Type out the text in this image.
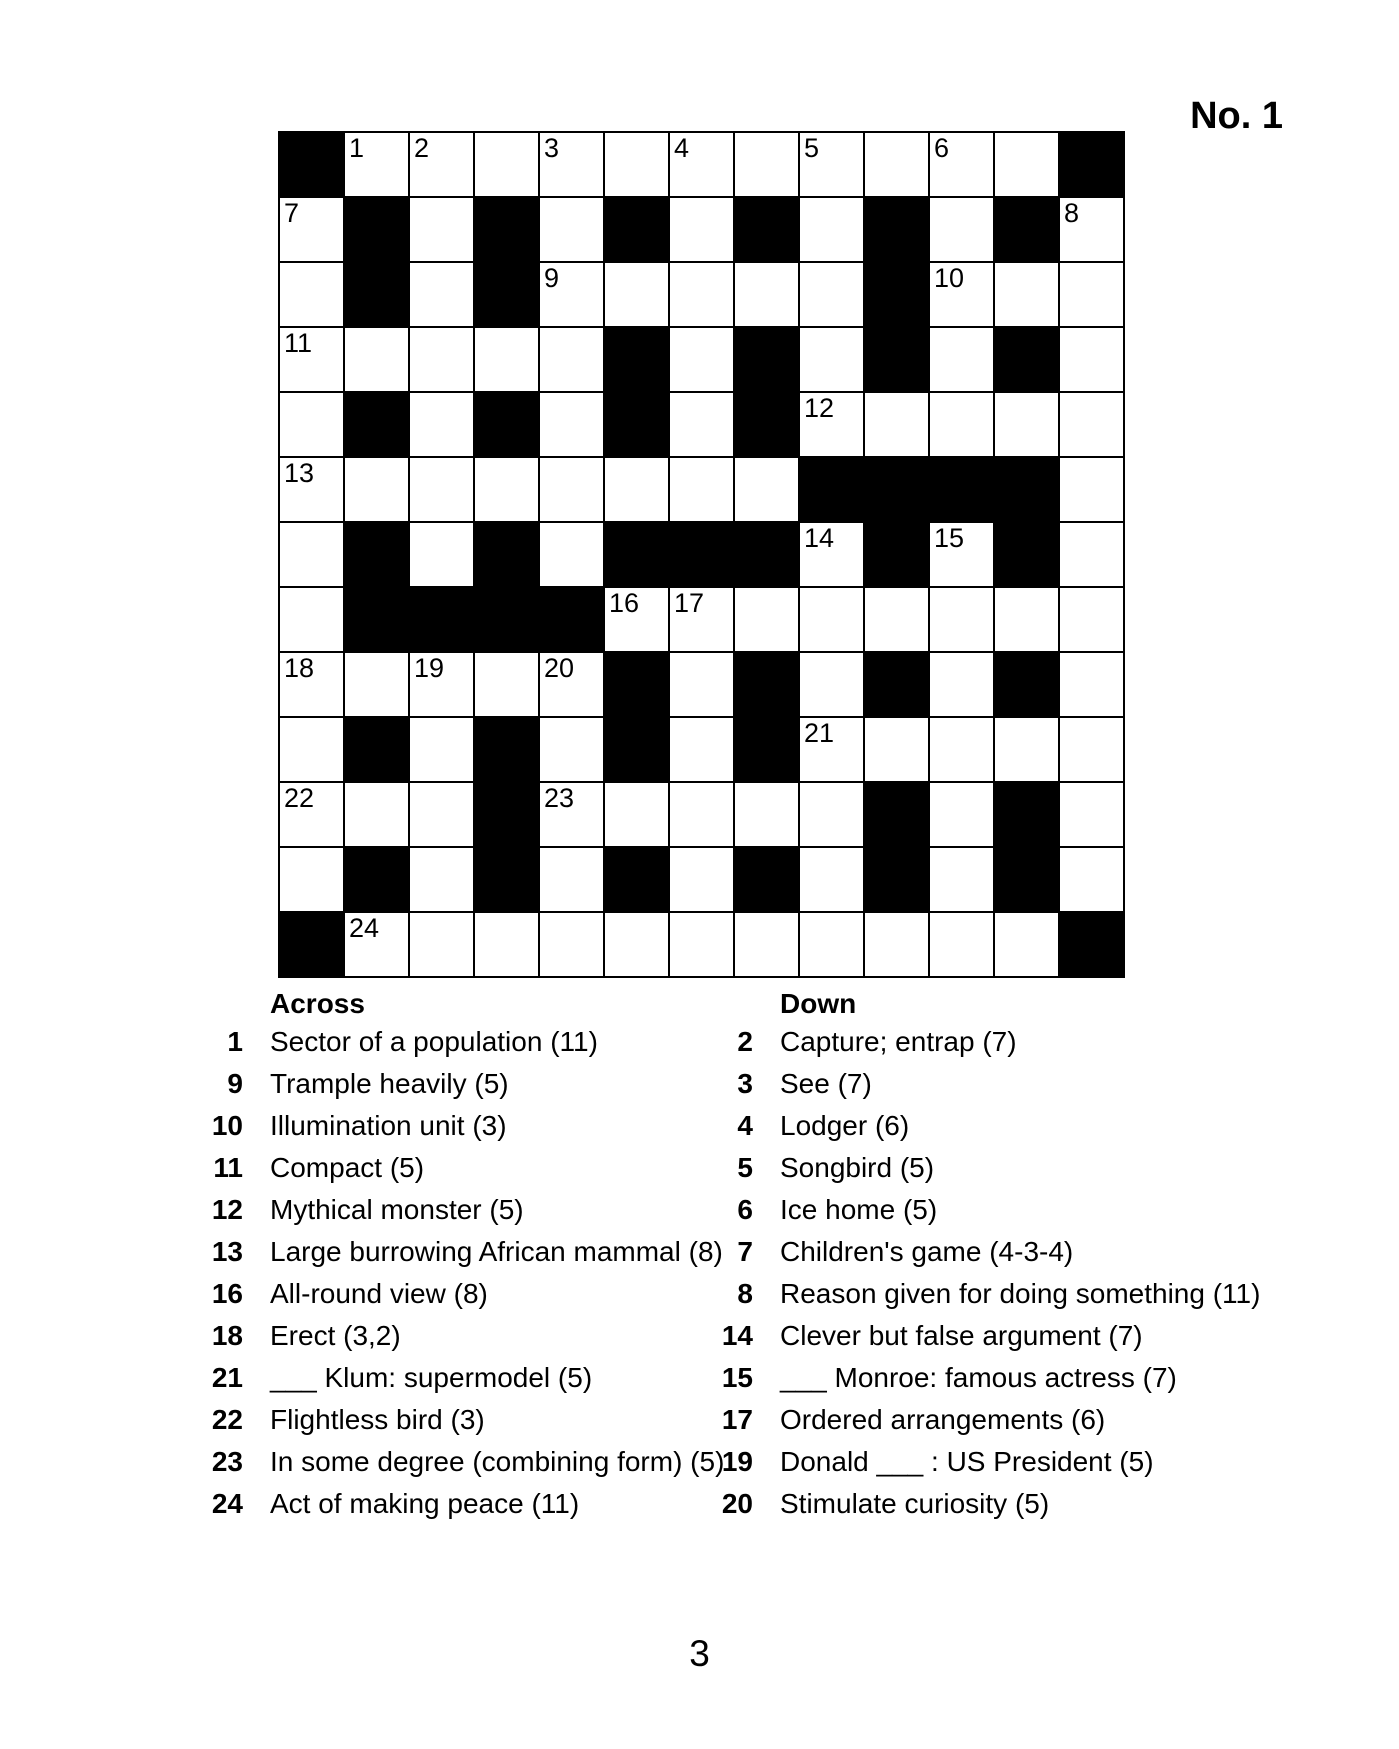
No. 1
1 2	3	4	5	6
7	8
9	10
11
12
13
14	15
16 17
18	19	20
21
22	23
24
Across
1 Sector of a population (11)
9 Trample heavily (5)
10 Illumination unit (3)
11 Compact (5)
12 Mythical monster (5)
13 Large burrowing African mammal (8)
16 All-round view (8)
18 Erect (3,2)
21 ___ Klum: supermodel (5)
22 Flightless bird (3)
23 In some degree (combining form) (5)
24 Act of making peace (11)
Down
2 Capture; entrap (7)
3 See (7)
4 Lodger (6)
5 Songbird (5)
6 Ice home (5)
7 Children's game (4-3-4)
8 Reason given for doing something (11)
14 Clever but false argument (7)
15 ___ Monroe: famous actress (7)
17 Ordered arrangements (6)
19 Donald ___ : US President (5)
20 Stimulate curiosity (5)
3
